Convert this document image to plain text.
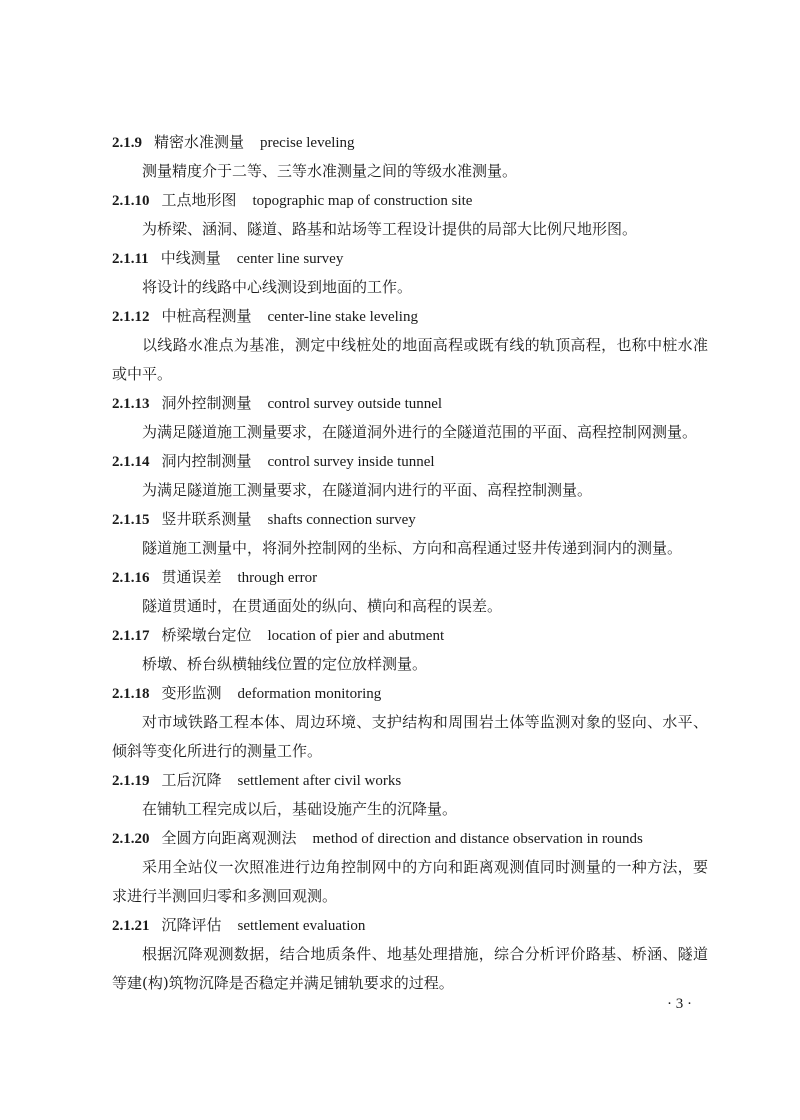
2.1.9 精密水准测量 precise leveling

测量精度介于二等、三等水准测量之间的等级水准测量。

2.1.10 工点地形图 topographic map of construction site

为桥梁、涵洞、隧道、路基和站场等工程设计提供的局部大比例尺地形图。

2.1.11 中线测量 center line survey

将设计的线路中心线测设到地面的工作。

2.1.12 中桩高程测量 center-line stake leveling

以线路水准点为基准，测定中线桩处的地面高程或既有线的轨顶高程，也称中桩水准或中平。

2.1.13 洞外控制测量 control survey outside tunnel

为满足隧道施工测量要求，在隧道洞外进行的全隧道范围的平面、高程控制网测量。

2.1.14 洞内控制测量 control survey inside tunnel

为满足隧道施工测量要求，在隧道洞内进行的平面、高程控制测量。

2.1.15 竖井联系测量 shafts connection survey

隧道施工测量中，将洞外控制网的坐标、方向和高程通过竖井传递到洞内的测量。

2.1.16 贯通误差 through error

隧道贯通时，在贯通面处的纵向、横向和高程的误差。

2.1.17 桥梁墩台定位 location of pier and abutment

桥墩、桥台纵横轴线位置的定位放样测量。

2.1.18 变形监测 deformation monitoring

对市域铁路工程本体、周边环境、支护结构和周围岩土体等监测对象的竖向、水平、倾斜等变化所进行的测量工作。

2.1.19 工后沉降 settlement after civil works

在铺轨工程完成以后，基础设施产生的沉降量。

2.1.20 全圆方向距离观测法 method of direction and distance observation in rounds

采用全站仪一次照准进行边角控制网中的方向和距离观测值同时测量的一种方法，要求进行半测回归零和多测回观测。

2.1.21 沉降评估 settlement evaluation

根据沉降观测数据，结合地质条件、地基处理措施，综合分析评价路基、桥涵、隧道等建(构)筑物沉降是否稳定并满足铺轨要求的过程。

· 3 ·
